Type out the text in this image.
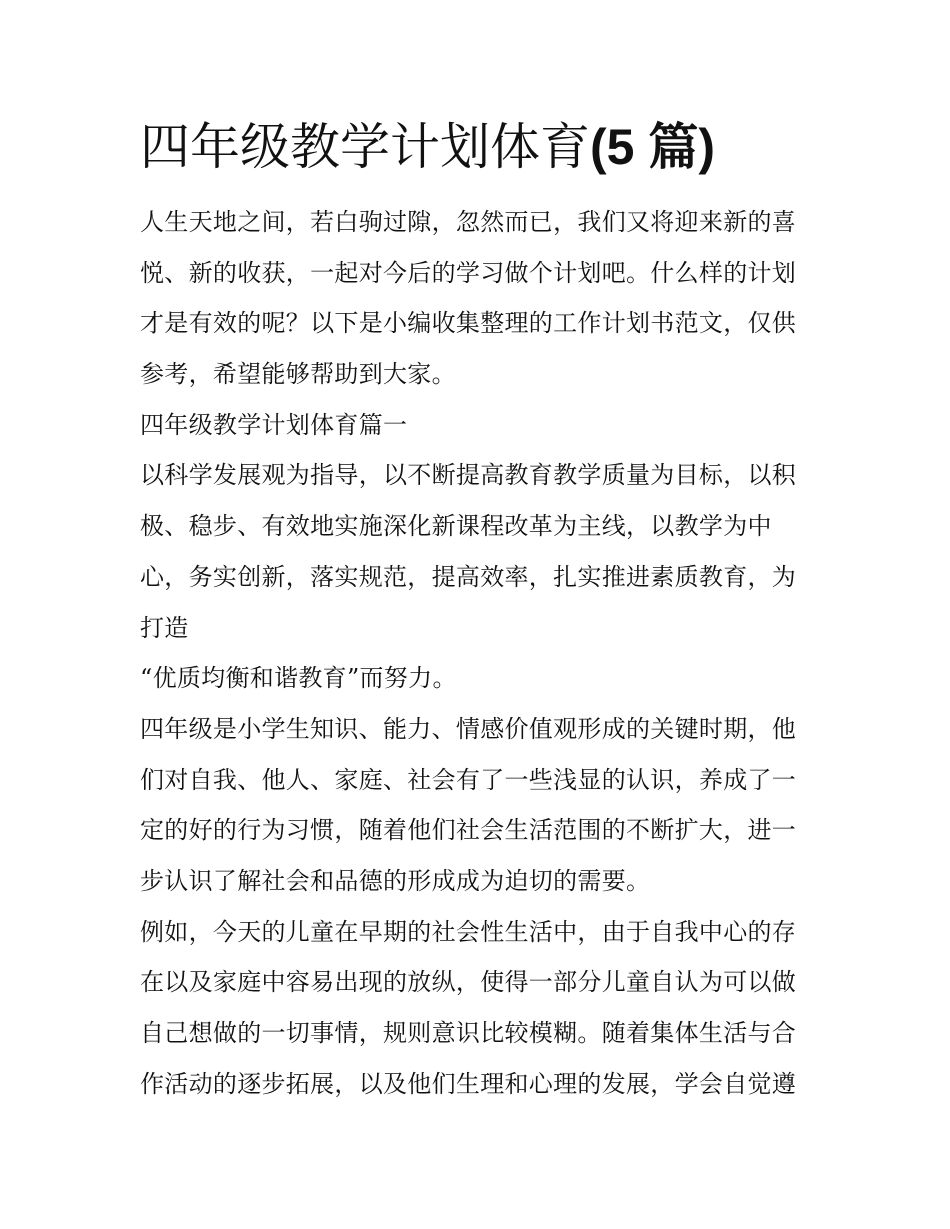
四年级教学计划体育(5 篇)
人生天地之间，若白驹过隙，忽然而已，我们又将迎来新的喜
悦、新的收获，一起对今后的学习做个计划吧。什么样的计划
才是有效的呢？以下是小编收集整理的工作计划书范文，仅供
参考，希望能够帮助到大家。
四年级教学计划体育篇一
以科学发展观为指导，以不断提高教育教学质量为目标，以积
极、稳步、有效地实施深化新课程改革为主线，以教学为中
心，务实创新，落实规范，提高效率，扎实推进素质教育，为
打造
“优质均衡和谐教育”而努力。
四年级是小学生知识、能力、情感价值观形成的关键时期，他
们对自我、他人、家庭、社会有了一些浅显的认识，养成了一
定的好的行为习惯，随着他们社会生活范围的不断扩大，进一
步认识了解社会和品德的形成成为迫切的需要。
例如，今天的儿童在早期的社会性生活中，由于自我中心的存
在以及家庭中容易出现的放纵，使得一部分儿童自认为可以做
自己想做的一切事情，规则意识比较模糊。随着集体生活与合
作活动的逐步拓展，以及他们生理和心理的发展，学会自觉遵
